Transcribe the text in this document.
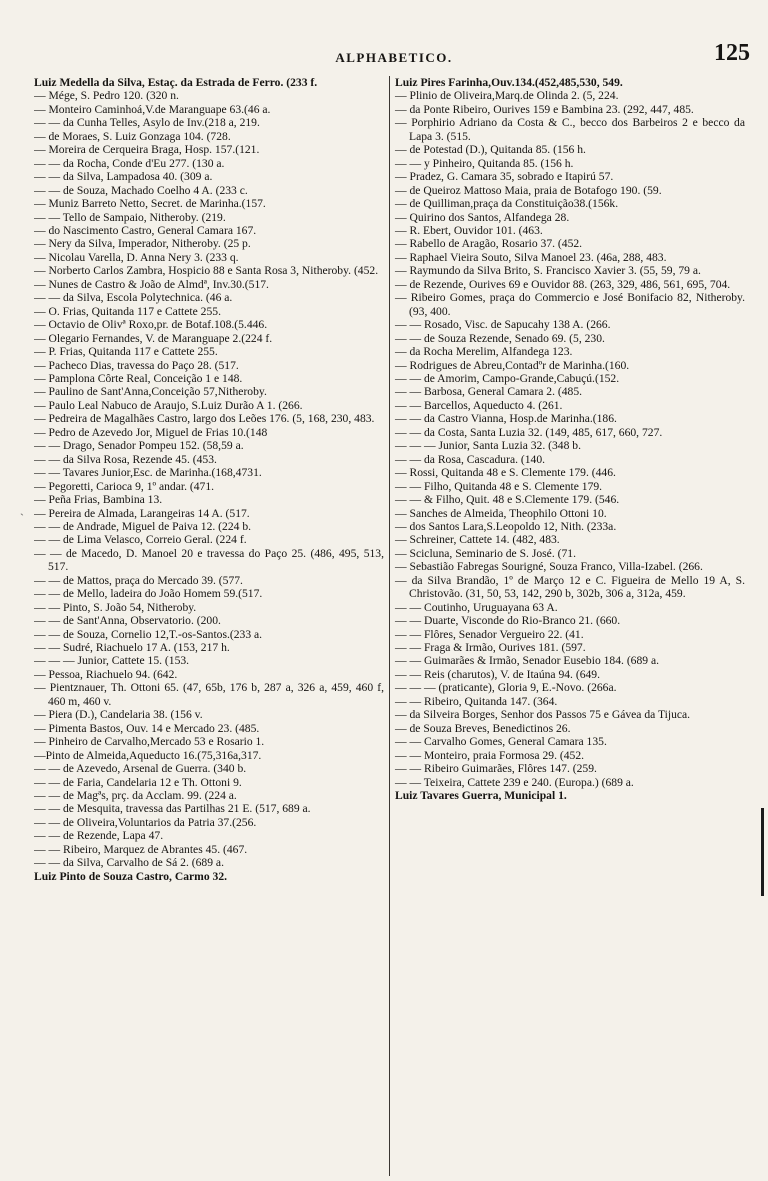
ALPHABETICO.	125

Luiz Medella da Silva, Estaç. da Estrada de Ferro. (233 f.

— Mége, S. Pedro 120. (320 n.

— Monteiro Caminhoá,V.de Maranguape 63.(46 a.

— — da Cunha Telles, Asylo de Inv.(218 a, 219.

— de Moraes, S. Luiz Gonzaga 104. (728.

— Moreira de Cerqueira Braga, Hosp. 157.(121.

— — da Rocha, Conde d'Eu 277. (130 a.

— — da Silva, Lampadosa 40. (309 a.

— — de Souza, Machado Coelho 4 A. (233 c.

— Muniz Barreto Netto, Secret. de Marinha.(157.

— — Tello de Sampaio, Nitheroby. (219.

— do Nascimento Castro, General Camara 167.

— Nery da Silva, Imperador, Nitheroby. (25 p.

— Nicolau Varella, D. Anna Nery 3. (233 q.

— Norberto Carlos Zambra, Hospicio 88 e Santa Rosa 3, Nitheroby. (452.

— Nunes de Castro & João de Almdª, Inv.30.(517.

— — da Silva, Escola Polytechnica. (46 a.

— O. Frias, Quitanda 117 e Cattete 255.

— Octavio de Olivª Roxo,pr. de Botaf.108.(5.446.

— Olegario Fernandes, V. de Maranguape 2.(224 f.

— P. Frias, Quitanda 117 e Cattete 255.

— Pacheco Dias, travessa do Paço 28. (517.

— Pamplona Côrte Real, Conceição 1 e 148.

— Paulino de Sant'Anna,Conceição 57,Nitheroby.

— Paulo Leal Nabuco de Araujo, S.Luiz Durão A 1. (266.

— Pedreira de Magalhães Castro, largo dos Leões 176. (5, 168, 230, 483.

— Pedro de Azevedo Jor, Miguel de Frias 10.(148

— — Drago, Senador Pompeu 152. (58,59 a.

— — da Silva Rosa, Rezende 45. (453.

— — Tavares Junior,Esc. de Marinha.(168,4731.

— Pegoretti, Carioca 9, 1º andar. (471.

— Peña Frias, Bambina 13.

— Pereira de Almada, Larangeiras 14 A. (517.

— — de Andrade, Miguel de Paiva 12. (224 b.

— — de Lima Velasco, Correio Geral. (224 f.

— — de Macedo, D. Manoel 20 e travessa do Paço 25. (486, 495, 513, 517.

— — de Mattos, praça do Mercado 39. (577.

— — de Mello, ladeira do João Homem 59.(517.

— — Pinto, S. João 54, Nitheroby.

— — de Sant'Anna, Observatorio. (200.

— — de Souza, Cornelio 12,T.-os-Santos.(233 a.

— — Sudré, Riachuelo 17 A. (153, 217 h.

— — — Junior, Cattete 15. (153.

— Pessoa, Riachuelo 94. (642.

— Pientznauer, Th. Ottoni 65. (47, 65b, 176 b, 287 a, 326 a, 459, 460 f, 460 m, 460 v.

— Piera (D.), Candelaria 38. (156 v.

— Pimenta Bastos, Ouv. 14 e Mercado 23. (485.

— Pinheiro de Carvalho,Mercado 53 e Rosario 1.

—Pinto de Almeida,Aqueducto 16.(75,316a,317.

— — de Azevedo, Arsenal de Guerra. (340 b.

— — de Faria, Candelaria 12 e Th. Ottoni 9.

— — de Magªs, prç. da Acclam. 99. (224 a.

— — de Mesquita, travessa das Partilhas 21 E. (517, 689 a.

— — de Oliveira,Voluntarios da Patria 37.(256.

— — de Rezende, Lapa 47.

— — Ribeiro, Marquez de Abrantes 45. (467.

— — da Silva, Carvalho de Sá 2. (689 a.

Luiz Pinto de Souza Castro, Carmo 32.

Luiz Pires Farinha,Ouv.134.(452,485,530, 549.

— Plinio de Oliveira,Marq.de Olinda 2. (5, 224.

— da Ponte Ribeiro, Ourives 159 e Bambina 23. (292, 447, 485.

— Porphirio Adriano da Costa & C., becco dos Barbeiros 2 e becco da Lapa 3. (515.

— de Potestad (D.), Quitanda 85. (156 h.

— — y Pinheiro, Quitanda 85. (156 h.

— Pradez, G. Camara 35, sobrado e Itapirú 57.

— de Queiroz Mattoso Maia, praia de Botafogo 190. (59.

— de Quilliman,praça da Constituição38.(156k.

— Quirino dos Santos, Alfandega 28.

— R. Ebert, Ouvidor 101. (463.

— Rabello de Aragão, Rosario 37. (452.

— Raphael Vieira Souto, Silva Manoel 23. (46a, 288, 483.

— Raymundo da Silva Brito, S. Francisco Xavier 3. (55, 59, 79 a.

— de Rezende, Ourives 69 e Ouvidor 88. (263, 329, 486, 561, 695, 704.

— Ribeiro Gomes, praça do Commercio e José Bonifacio 82, Nitheroby. (93, 400.

— — Rosado, Visc. de Sapucahy 138 A. (266.

— — de Souza Rezende, Senado 69. (5, 230.

— da Rocha Merelim, Alfandega 123.

— Rodrigues de Abreu,Contadºr de Marinha.(160.

— — de Amorim, Campo-Grande,Cabuçú.(152.

— — Barbosa, General Camara 2. (485.

— — Barcellos, Aqueducto 4. (261.

— — da Castro Vianna, Hosp.de Marinha.(186.

— — da Costa, Santa Luzia 32. (149, 485, 617, 660, 727.

— — — Junior, Santa Luzia 32. (348 b.

— — da Rosa, Cascadura. (140.

— Rossi, Quitanda 48 e S. Clemente 179. (446.

— — Filho, Quitanda 48 e S. Clemente 179.

— — & Filho, Quit. 48 e S.Clemente 179. (546.

— Sanches de Almeida, Theophilo Ottoni 10.

— dos Santos Lara,S.Leopoldo 12, Nith. (233a.

— Schreiner, Cattete 14. (482, 483.

— Scicluna, Seminario de S. José. (71.

— Sebastião Fabregas Sourigné, Souza Franco, Villa-Izabel. (266.

— da Silva Brandão, 1º de Março 12 e C. Figueira de Mello 19 A, S. Christovão. (31, 50, 53, 142, 290 b, 302b, 306 a, 312a, 459.

— — Coutinho, Uruguayana 63 A.

— — Duarte, Visconde do Rio-Branco 21. (660.

— — Flôres, Senador Vergueiro 22. (41.

— — Fraga & Irmão, Ourives 181. (597.

— — Guimarães & Irmão, Senador Eusebio 184. (689 a.

— — Reis (charutos), V. de Itaúna 94. (649.

— — — (praticante), Gloria 9, E.-Novo. (266a.

— — Ribeiro, Quitanda 147. (364.

— da Silveira Borges, Senhor dos Passos 75 e Gávea da Tijuca.

— de Souza Breves, Benedictinos 26.

— — Carvalho Gomes, General Camara 135.

— — Monteiro, praia Formosa 29. (452.

— — Ribeiro Guimarães, Flôres 147. (259.

— — Teixeira, Cattete 239 e 240. (Europa.) (689 a.

Luiz Tavares Guerra, Municipal 1.

ˏ
